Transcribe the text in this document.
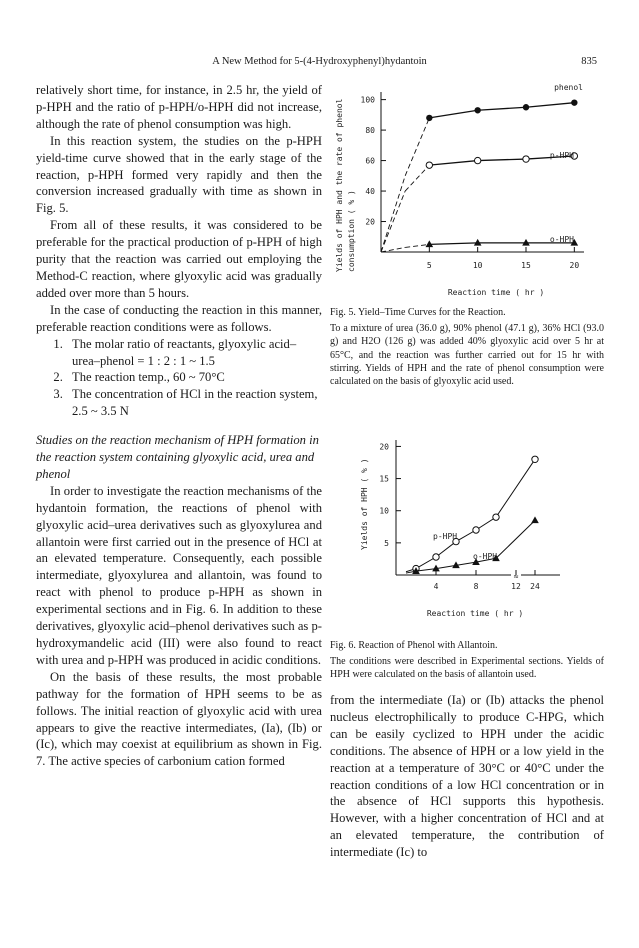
A New Method for 5-(4-Hydroxyphenyl)hydantoin	835

relatively short time, for instance, in 2.5 hr, the yield of p-HPH and the ratio of p-HPH/o-HPH did not increase, although the rate of phenol consumption was high.

In this reaction system, the studies on the p-HPH yield-time curve showed that in the early stage of the reaction, p-HPH formed very rapidly and then the conversion increased gradually with time as shown in Fig. 5.

From all of these results, it was considered to be preferable for the practical production of p-HPH of high purity that the reaction was carried out employing the Method-C reaction, where glyoxylic acid was gradually added over more than 5 hours.

In the case of conducting the reaction in this manner, preferable reaction conditions were as follows.

1. The molar ratio of reactants, glyoxylic acid–urea–phenol = 1 : 2 : 1 ~ 1.5
2. The reaction temp., 60 ~ 70°C
3. The concentration of HCl in the reaction system, 2.5 ~ 3.5 N
Studies on the reaction mechanism of HPH formation in the reaction system containing glyoxylic acid, urea and phenol

In order to investigate the reaction mechanisms of the hydantoin formation, the reactions of phenol with glyoxylic acid–urea derivatives such as glyoxylurea and allantoin were first carried out in the presence of HCl at an elevated temperature. Consequently, each possible intermediate, glyoxylurea and allantoin, was found to react with phenol to produce p-HPH as shown in experimental sections and in Fig. 6. In addition to these derivatives, glyoxylic acid–phenol derivatives such as p-hydroxymandelic acid (III) were also found to react with urea and p-HPH was produced in acidic conditions.

On the basis of these results, the most probable pathway for the formation of HPH seems to be as follows. The initial reaction of glyoxylic acid with urea appears to give the reactive intermediates, (Ia), (Ib) or (Ic), which may coexist at equilibrium as shown in Fig. 7. The active species of carbonium cation formed

Yields of HPH and the rate of phenol consumption ( % )
Reaction time ( hr )
20
40
60
80
100
5	10	15	20
phenol
p-HPH
o-HPH
Fig. 5. Yield–Time Curves for the Reaction.
To a mixture of urea (36.0 g), 90% phenol (47.1 g), 36% HCl (93.0 g) and H2O (126 g) was added 40% glyoxylic acid over 5 hr at 65°C, and the reaction was further carried out for 15 hr with stirring. Yields of HPH and the rate of phenol consumption were calculated on the basis of glyoxylic acid used.
Yields of HPH ( % )
Reaction time ( hr )
≈
5
10
15
20
4	8	12 24
p-HPH
o-HPH
Fig. 6. Reaction of Phenol with Allantoin.
The conditions were described in Experimental sections. Yields of HPH were calculated on the basis of allantoin used.

from the intermediate (Ia) or (Ib) attacks the phenol nucleus electrophilically to produce C-HPG, which can be easily cyclized to HPH under the acidic conditions. The absence of HPH or a low yield in the reaction at a temperature of 30°C or 40°C under the reaction conditions of a low HCl concentration or in the absence of HCl supports this hypothesis. However, with a higher concentration of HCl and at an elevated temperature, the contribution of intermediate (Ic) to
